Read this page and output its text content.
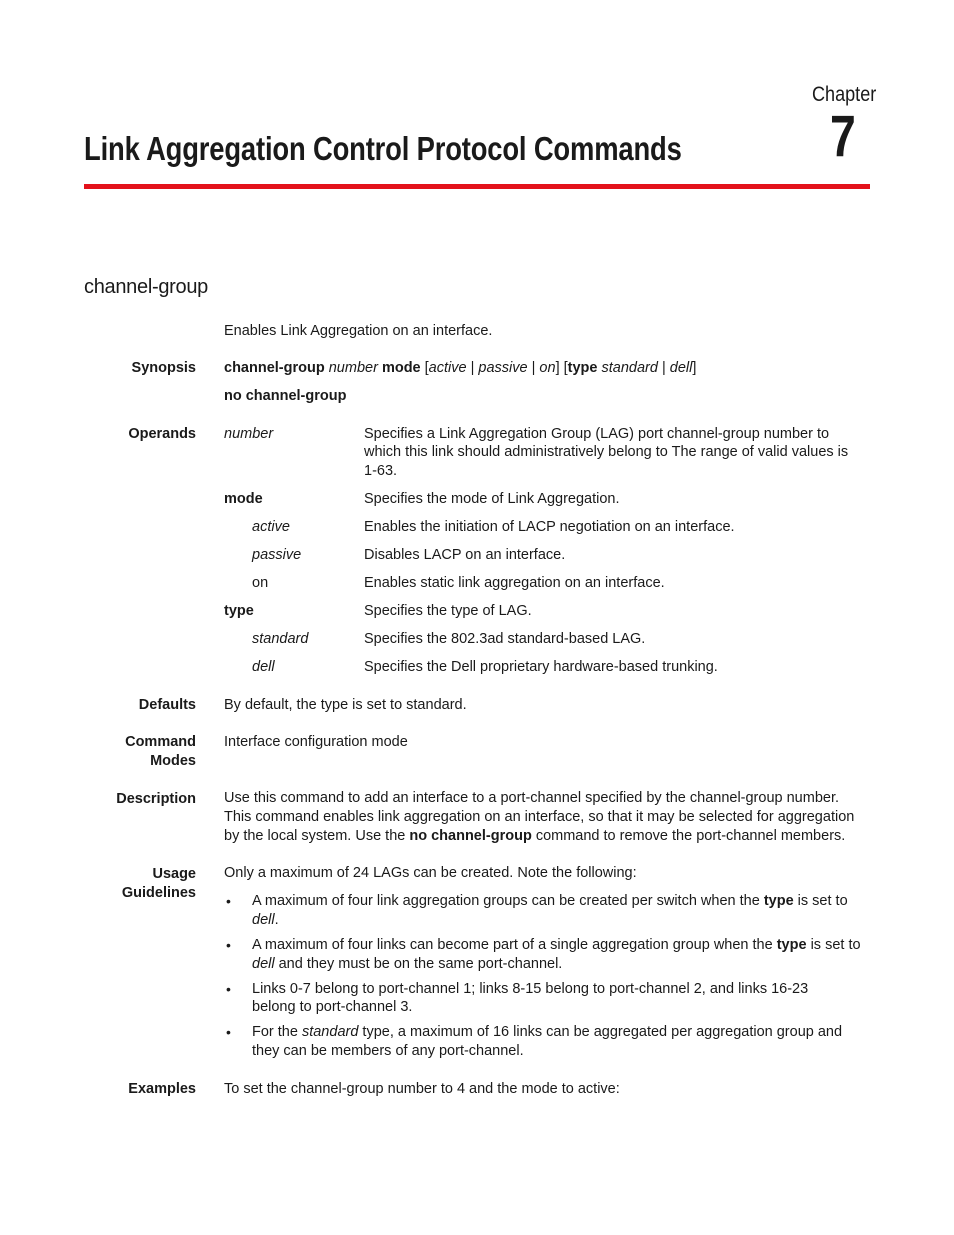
Chapter
7
Link Aggregation Control Protocol Commands
channel-group
Enables Link Aggregation on an interface.
Synopsis channel-group number mode [active | passive | on] [type standard | dell]
no channel-group
Operands number	Specifies a Link Aggregation Group (LAG) port channel-group number to
which this link should administratively belong to The range of valid values is
1-63.
mode	Specifies the mode of Link Aggregation.
active	Enables the initiation of LACP negotiation on an interface.
passive	Disables LACP on an interface.
on	Enables static link aggregation on an interface.
type	Specifies the type of LAG.
standard	Specifies the 802.3ad standard-based LAG.
dell	Specifies the Dell proprietary hardware-based trunking.
Defaults By default, the type is set to standard.
Command
Modes
Interface configuration mode
Description Use this command to add an interface to a port-channel specified by the channel-group number.
This command enables link aggregation on an interface, so that it may be selected for aggregation
by the local system. Use the no channel-group command to remove the port-channel members.
Usage
Guidelines
Only a maximum of 24 LAGs can be created. Note the following:
• A maximum of four link aggregation groups can be created per switch when the type is set to
dell.
• A maximum of four links can become part of a single aggregation group when the type is set to
dell and they must be on the same port-channel.
• Links 0-7 belong to port-channel 1; links 8-15 belong to port-channel 2, and links 16-23
belong to port-channel 3.
• For the standard type, a maximum of 16 links can be aggregated per aggregation group and
they can be members of any port-channel.
Examples To set the channel-group number to 4 and the mode to active:
